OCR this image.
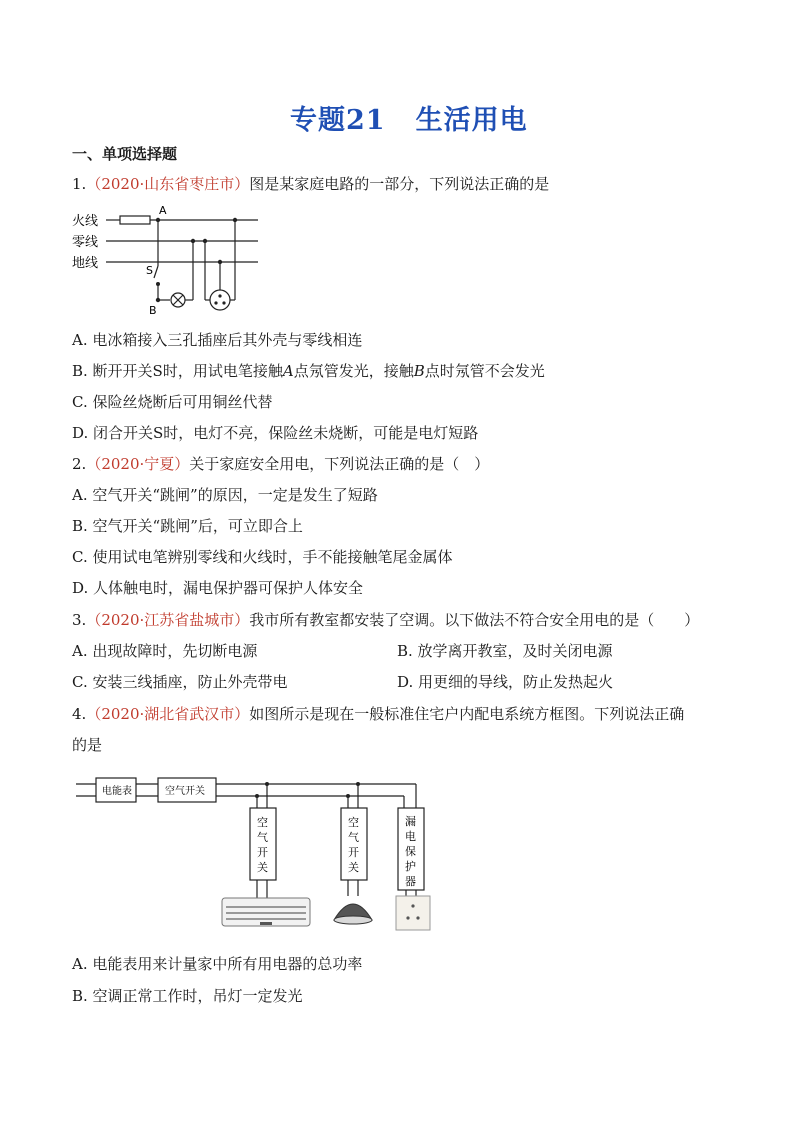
专题21 生活用电
一、单项选择题
1.（2020·山东省枣庄市）图是某家庭电路的一部分，下列说法正确的是
火线
零线
地线
A
S
B
A. 电冰箱接入三孔插座后其外壳与零线相连
B. 断开开关S时，用试电笔接触A点氖管发光，接触B点时氖管不会发光
C. 保险丝烧断后可用铜丝代替
D. 闭合开关S时，电灯不亮，保险丝未烧断，可能是电灯短路
2.（2020·宁夏）关于家庭安全用电，下列说法正确的是（　）
A. 空气开关“跳闸”的原因，一定是发生了短路
B. 空气开关“跳闸”后，可立即合上
C. 使用试电笔辨别零线和火线时，手不能接触笔尾金属体
D. 人体触电时，漏电保护器可保护人体安全
3.（2020·江苏省盐城市）我市所有教室都安装了空调。以下做法不符合安全用电的是（　　）
A. 出现故障时，先切断电源	B. 放学离开教室，及时关闭电源
C. 安装三线插座，防止外壳带电	D. 用更细的导线，防止发热起火
4.（2020·湖北省武汉市）如图所示是现在一般标准住宅户内配电系统方框图。下列说法正确
的是
电能表	空气开关
空
气
开
关
空
气
开
关
漏
电
保
护
器
A. 电能表用来计量家中所有用电器的总功率
B. 空调正常工作时，吊灯一定发光
